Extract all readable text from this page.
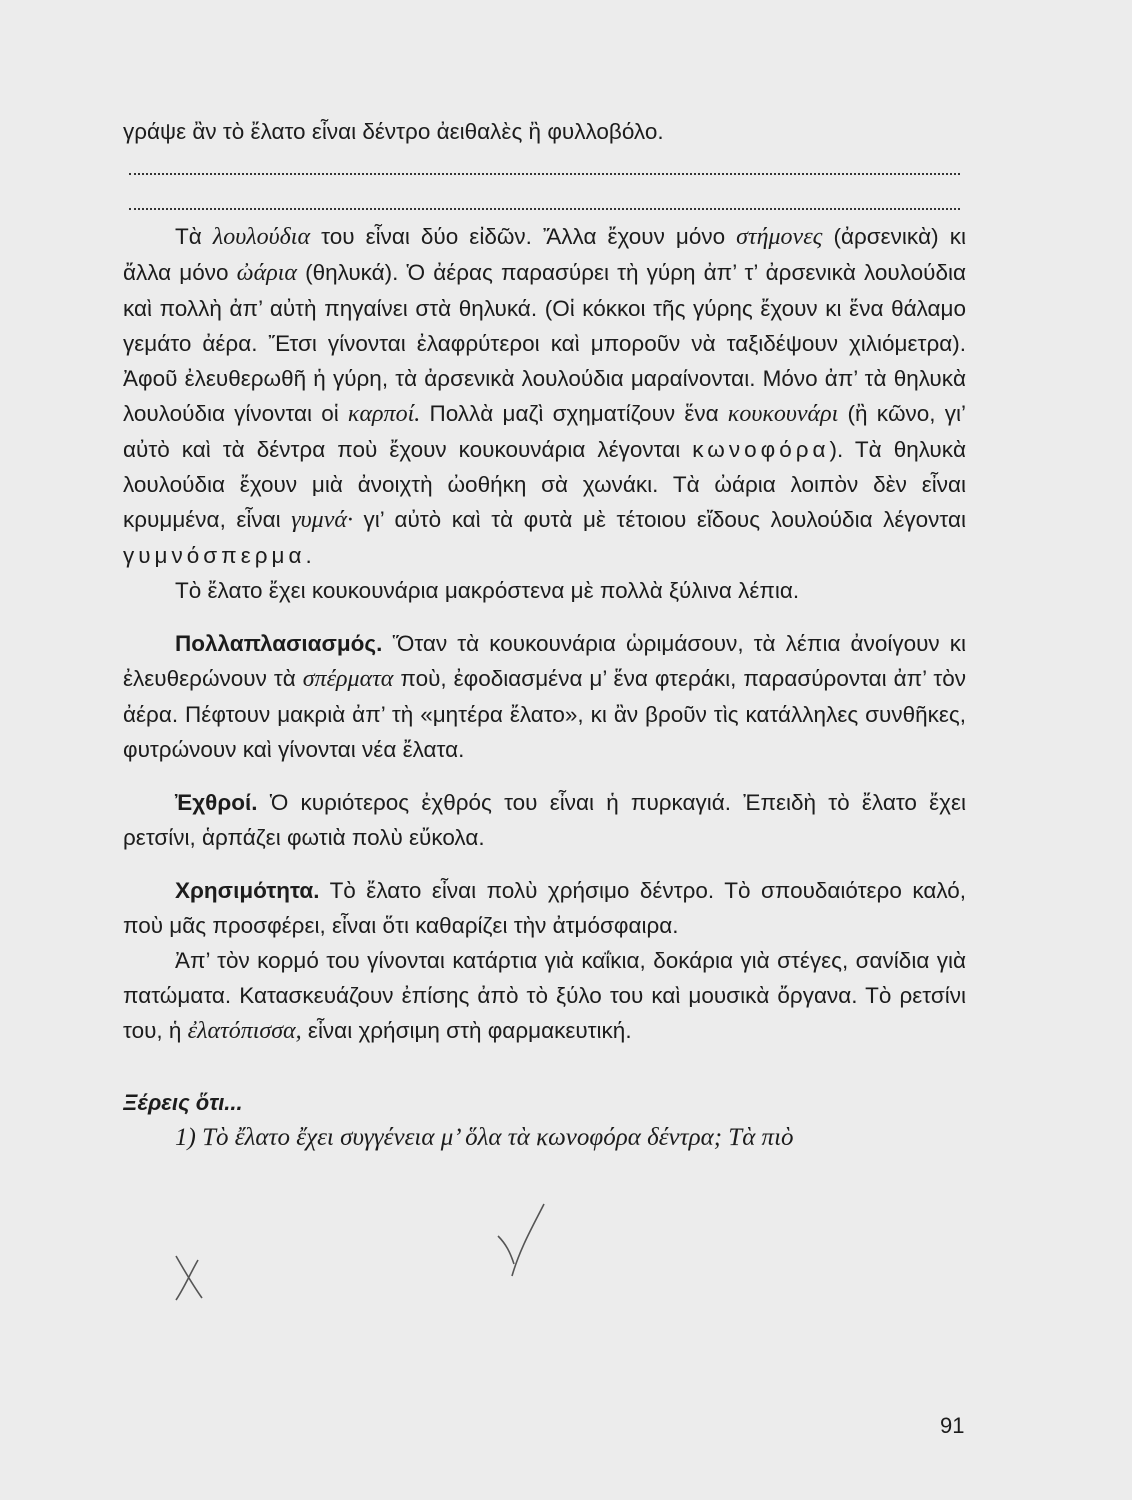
γράψε ἂν τὸ ἔλατο εἶναι δέντρο ἀειθαλὲς ἢ φυλλοβόλο.

Τὰ λουλούδια του εἶναι δύο εἰδῶν. Ἄλλα ἔχουν μόνο στήμονες (ἀρσενικὰ) κι ἄλλα μόνο ὠάρια (θηλυκά). Ὁ ἀέρας παρασύρει τὴ γύρη ἀπ’ τ’ ἀρσενικὰ λουλούδια καὶ πολλὴ ἀπ’ αὐτὴ πηγαίνει στὰ θηλυκά. (Οἱ κόκκοι τῆς γύρης ἔχουν κι ἕνα θάλαμο γεμάτο ἀέρα. Ἔτσι γίνονται ἐλαφρύτεροι καὶ μποροῦν νὰ ταξιδέψουν χιλιόμετρα). Ἀφοῦ ἐλευθερωθῆ ἡ γύρη, τὰ ἀρσενικὰ λουλούδια μαραίνονται. Μόνο ἀπ’ τὰ θηλυκὰ λουλούδια γίνονται οἱ καρποί. Πολλὰ μαζὶ σχηματίζουν ἕνα κουκουνάρι (ἢ κῶνο, γι’ αὐτὸ καὶ τὰ δέντρα ποὺ ἔχουν κουκουνάρια λέγονται κωνοφόρα). Τὰ θηλυκὰ λουλούδια ἔχουν μιὰ ἀνοιχτὴ ὠοθήκη σὰ χωνάκι. Τὰ ὠάρια λοιπὸν δὲν εἶναι κρυμμένα, εἶναι γυμνά· γι’ αὐτὸ καὶ τὰ φυτὰ μὲ τέτοιου εἴδους λουλούδια λέγονται γυμνόσπερμα.

Τὸ ἔλατο ἔχει κουκουνάρια μακρόστενα μὲ πολλὰ ξύλινα λέπια.

Πολλαπλασιασμός. Ὅταν τὰ κουκουνάρια ὡριμάσουν, τὰ λέπια ἀνοίγουν κι ἐλευθερώνουν τὰ σπέρματα ποὺ, ἐφοδιασμένα μ’ ἕνα φτεράκι, παρασύρονται ἀπ’ τὸν ἀέρα. Πέφτουν μακριὰ ἀπ’ τὴ «μητέρα ἔλατο», κι ἂν βροῦν τὶς κατάλληλες συνθῆκες, φυτρώνουν καὶ γίνονται νέα ἔλατα.

Ἐχθροί. Ὁ κυριότερος ἐχθρός του εἶναι ἡ πυρκαγιά. Ἐπειδὴ τὸ ἔλατο ἔχει ρετσίνι, ἁρπάζει φωτιὰ πολὺ εὔκολα.

Χρησιμότητα. Τὸ ἔλατο εἶναι πολὺ χρήσιμο δέντρο. Τὸ σπουδαιότερο καλό, ποὺ μᾶς προσφέρει, εἶναι ὅτι καθαρίζει τὴν ἀτμόσφαιρα.

Ἀπ’ τὸν κορμό του γίνονται κατάρτια γιὰ καΐκια, δοκάρια γιὰ στέγες, σανίδια γιὰ πατώματα. Κατασκευάζουν ἐπίσης ἀπὸ τὸ ξύλο του καὶ μουσικὰ ὄργανα. Τὸ ρετσίνι του, ἡ ἐλατόπισσα, εἶναι χρήσιμη στὴ φαρμακευτική.

Ξέρεις ὅτι...

1) Τὸ ἔλατο ἔχει συγγένεια μ’ ὅλα τὰ κωνοφόρα δέντρα; Τὰ πιὸ

91
